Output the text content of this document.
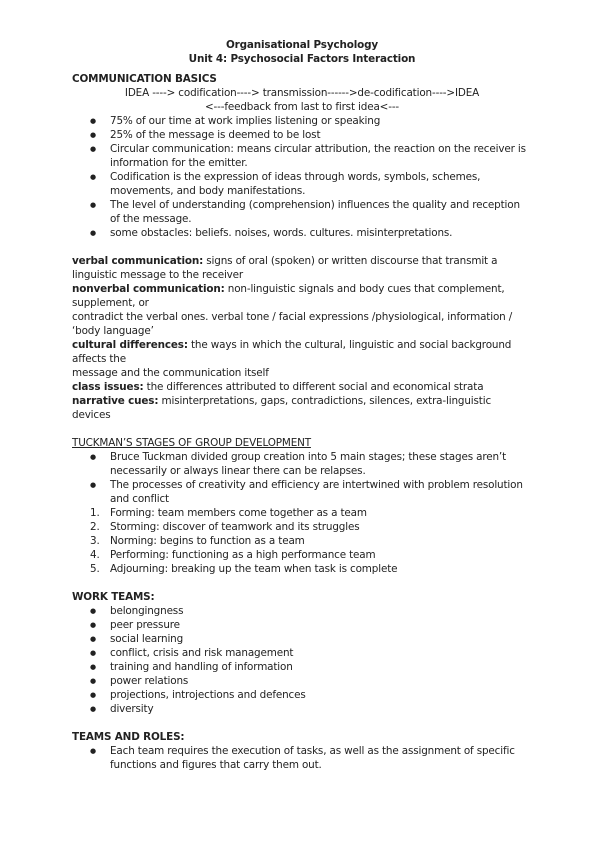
Organisational Psychology
Unit 4: Psychosocial Factors Interaction
COMMUNICATION BASICS
IDEA ----> codification----> transmission------>de-codification---->IDEA
<---feedback from last to first idea<---
● 75% of our time at work implies listening or speaking
● 25% of the message is deemed to be lost
● Circular communication: means circular attribution, the reaction on the receiver is information for the emitter.
● Codification is the expression of ideas through words, symbols, schemes, movements, and body manifestations.
● The level of understanding (comprehension) influences the quality and reception of the message.
● some obstacles: beliefs. noises, words. cultures. misinterpretations.
verbal communication: signs of oral (spoken) or written discourse that transmit a linguistic message to the receiver
nonverbal communication: non-linguistic signals and body cues that complement, supplement, or
contradict the verbal ones. verbal tone / facial expressions /physiological, information / ‘body language’
cultural differences: the ways in which the cultural, linguistic and social background affects the
message and the communication itself
class issues: the differences attributed to different social and economical strata
narrative cues: misinterpretations, gaps, contradictions, silences, extra-linguistic devices
TUCKMAN’S STAGES OF GROUP DEVELOPMENT
● Bruce Tuckman divided group creation into 5 main stages; these stages aren’t necessarily or always linear there can be relapses.
● The processes of creativity and efficiency are intertwined with problem resolution and conflict
1. Forming: team members come together as a team
2. Storming: discover of teamwork and its struggles
3. Norming: begins to function as a team
4. Performing: functioning as a high performance team
5. Adjourning: breaking up the team when task is complete
WORK TEAMS:
● belongingness
● peer pressure
● social learning
● conflict, crisis and risk management
● training and handling of information
● power relations
● projections, introjections and defences
● diversity
TEAMS AND ROLES:
● Each team requires the execution of tasks, as well as the assignment of specific functions and figures that carry them out.
